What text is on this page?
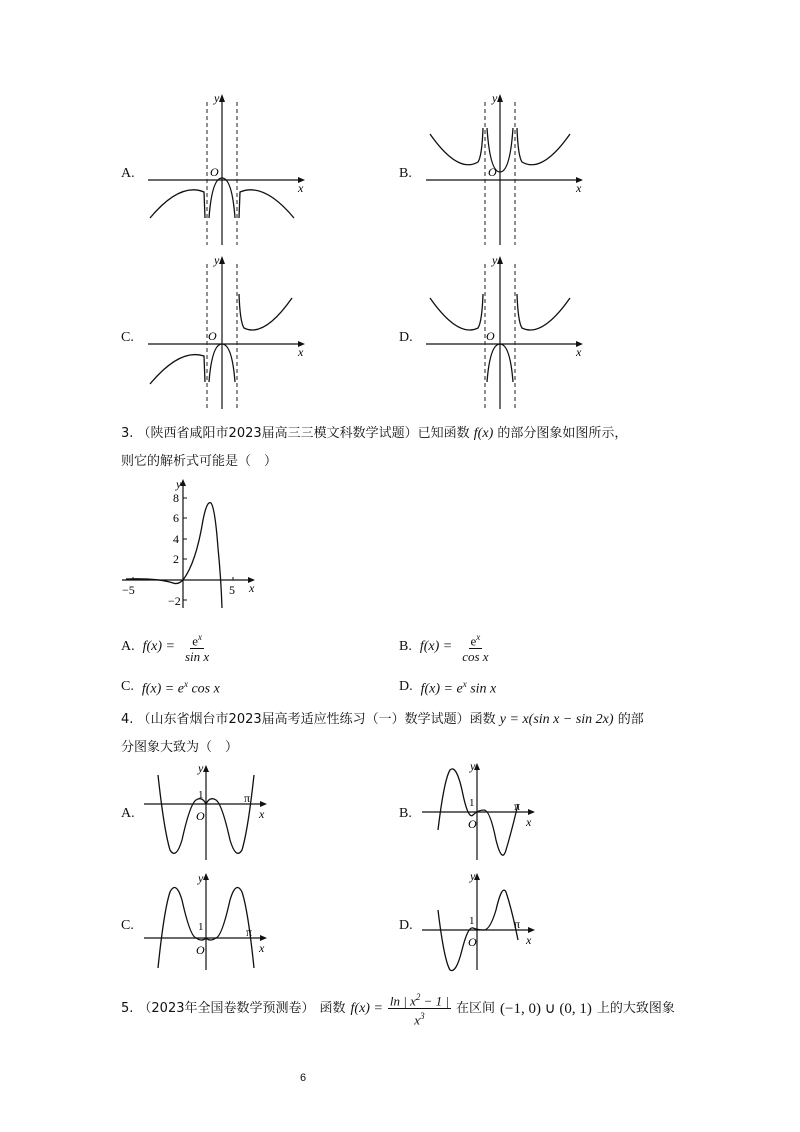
A.
y
x
O	B.
y
x
O
C.
y
x
O	D.
y
x
O
3. （陕西省咸阳市2023届高三三模文科数学试题）已知函数 f(x) 的部分图象如图所示，
则它的解析式可能是（　）
y
x
8
6
4
2
−2
−5	5
A. $f(x) = \frac{e^x}{\text{sin x}}$	B. $f(x) = \frac{e^x}{\text{cos x}}$
C. $f(x) = e^x$ cos x	D. $f(x) = e^x$ sin x
4. （山东省烟台市2023届高考适应性练习（一）数学试题）函数 y = x(sin x − sin 2x) 的部
分图象大致为（　）
A.
y
x
O
1	π
B.
y
x
O
1	π
C.
y
x
O
1	π	D.
y
x
O
1	π
5. （2023年全国卷数学预测卷） 函数 $f(x) = \frac{\ln | x^2 - 1 |}{x^3}$ 在区间 (−1, 0) ∪ (0, 1) 上的大致图象
6
